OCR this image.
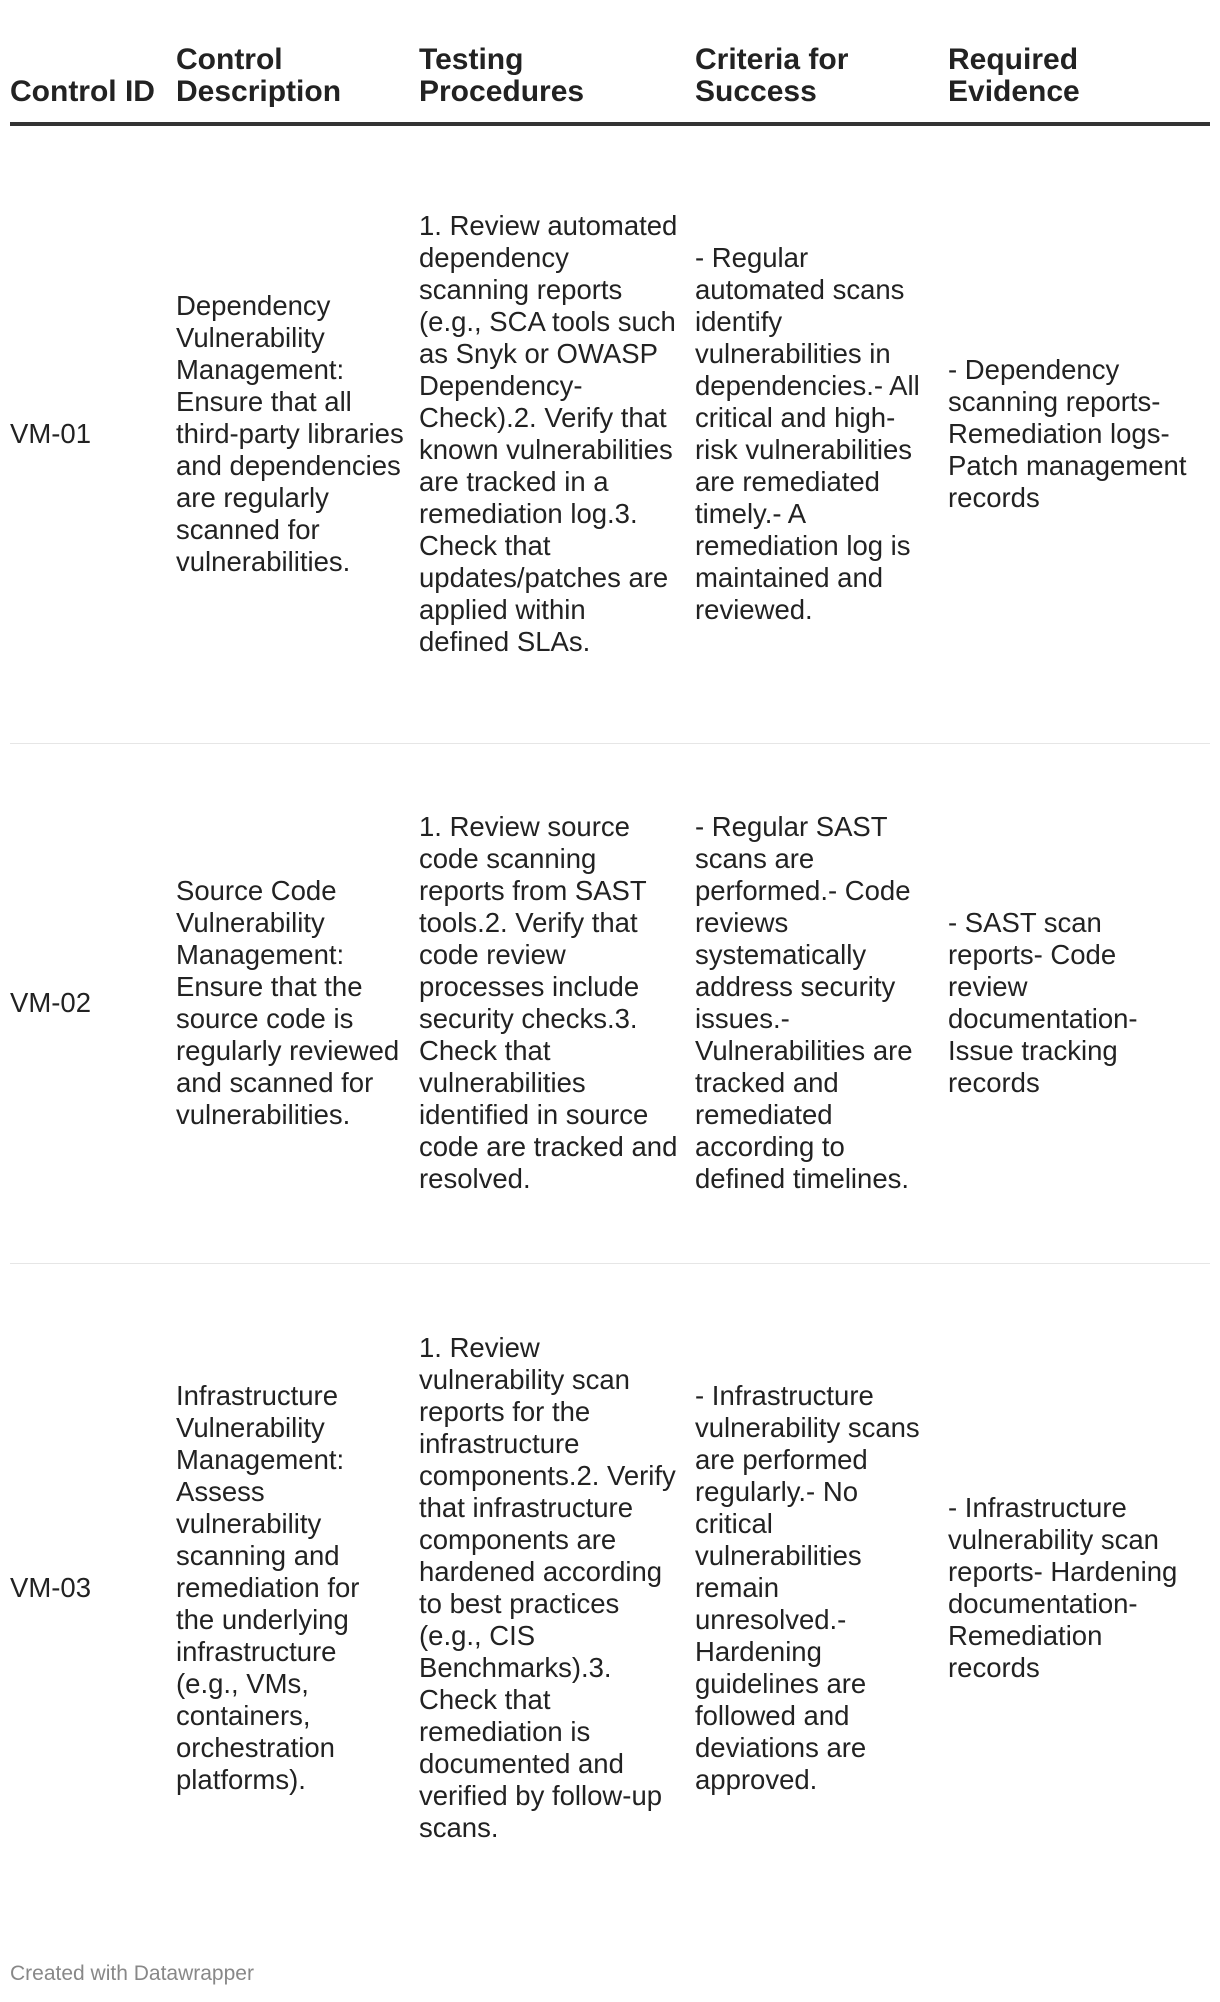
Control ID	Control Description	Testing Procedures	Criteria for Success	Required Evidence	
VM-01	Dependency Vulnerability Management: Ensure that all third-party libraries and dependencies are regularly scanned for vulnerabilities.	1. Review automated dependency scanning reports (e.g., SCA tools such as Snyk or OWASP Dependency-Check).2. Verify that known vulnerabilities are tracked in a remediation log.3. Check that updates/patches are applied within defined SLAs.	- Regular automated scans identify vulnerabilities in dependencies.- All critical and high-risk vulnerabilities are remediated timely.- A remediation log is maintained and reviewed.	- Dependency scanning reports- Remediation logs- Patch management records	
VM-02	Source Code Vulnerability Management: Ensure that the source code is regularly reviewed and scanned for vulnerabilities.	1. Review source code scanning reports from SAST tools.2. Verify that code review processes include security checks.3. Check that vulnerabilities identified in source code are tracked and resolved.	- Regular SAST scans are performed.- Code reviews systematically address security issues.- Vulnerabilities are tracked and remediated according to defined timelines.	- SAST scan reports- Code review documentation- Issue tracking records	
VM-03	Infrastructure Vulnerability Management: Assess vulnerability scanning and remediation for the underlying infrastructure (e.g., VMs, containers, orchestration platforms).	1. Review vulnerability scan reports for the infrastructure components.2. Verify that infrastructure components are hardened according to best practices (e.g., CIS Benchmarks).3. Check that remediation is documented and verified by follow-up scans.	- Infrastructure vulnerability scans are performed regularly.- No critical vulnerabilities remain unresolved.- Hardening guidelines are followed and deviations are approved.	- Infrastructure vulnerability scan reports- Hardening documentation- Remediation records	
Created with Datawrapper
